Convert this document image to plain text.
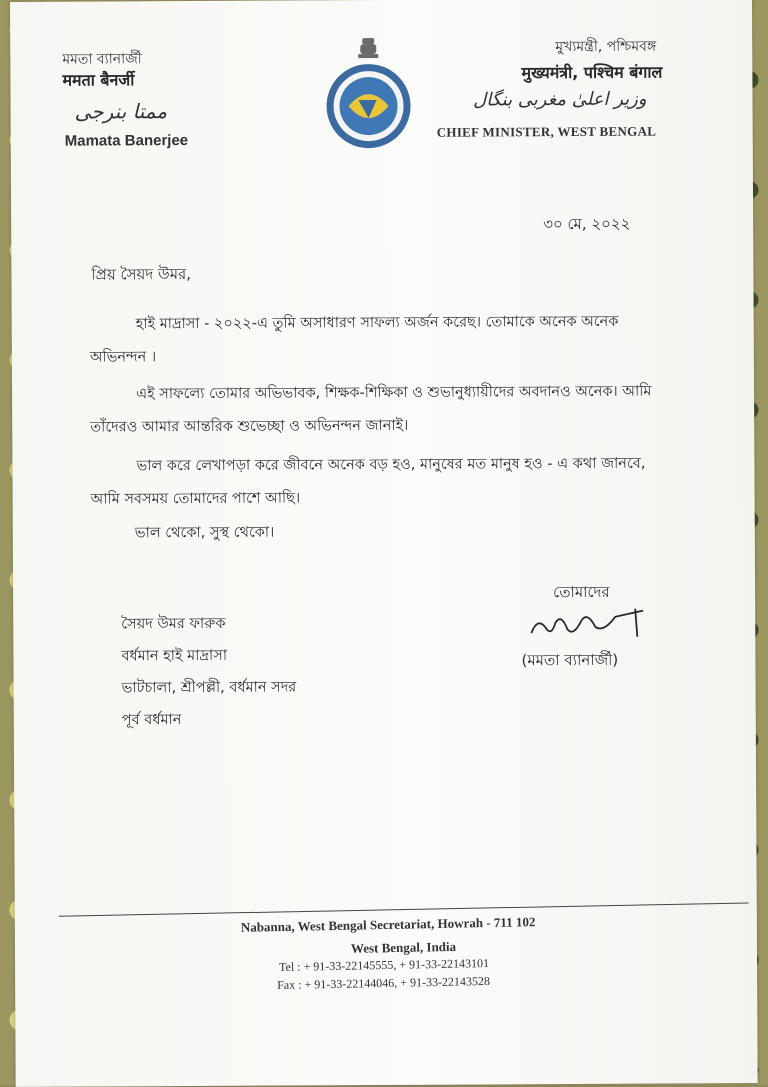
মমতা ব্যানার্জী
ममता बैनर्जी
ممتا بنرجی
Mamata Banerjee
মুখ্যমন্ত্রী, পশ্চিমবঙ্গ
मुख्यमंत्री, पश्चिम बंगाल
وزیر اعلیٰ مغربی بنگال
CHIEF MINISTER, WEST BENGAL
৩০ মে, ২০২২
প্রিয় সৈয়দ উমর,
হাই মাদ্রাসা - ২০২২-এ তুমি অসাধারণ সাফল্য অর্জন করেছ। তোমাকে অনেক অনেক অভিনন্দন ।
এই সাফল্যে তোমার অভিভাবক, শিক্ষক-শিক্ষিকা ও শুভানুধ্যায়ীদের অবদানও অনেক। আমি তাঁদেরও আমার আন্তরিক শুভেচ্ছা ও অভিনন্দন জানাই।
ভাল করে লেখাপড়া করে জীবনে অনেক বড় হও, মানুষের মত মানুষ হও - এ কথা জানবে, আমি সবসময় তোমাদের পাশে আছি।
ভাল থেকো, সুস্থ থেকো।
তোমাদের
(মমতা ব্যানার্জী)
সৈয়দ উমর ফারুক
বর্ধমান হাই মাদ্রাসা
ভাটচালা, শ্রীপল্লী, বর্ধমান সদর
পূর্ব বর্ধমান
Nabanna, West Bengal Secretariat, Howrah - 711 102
West Bengal, India
Tel : + 91-33-22145555, + 91-33-22143101
Fax : + 91-33-22144046, + 91-33-22143528
